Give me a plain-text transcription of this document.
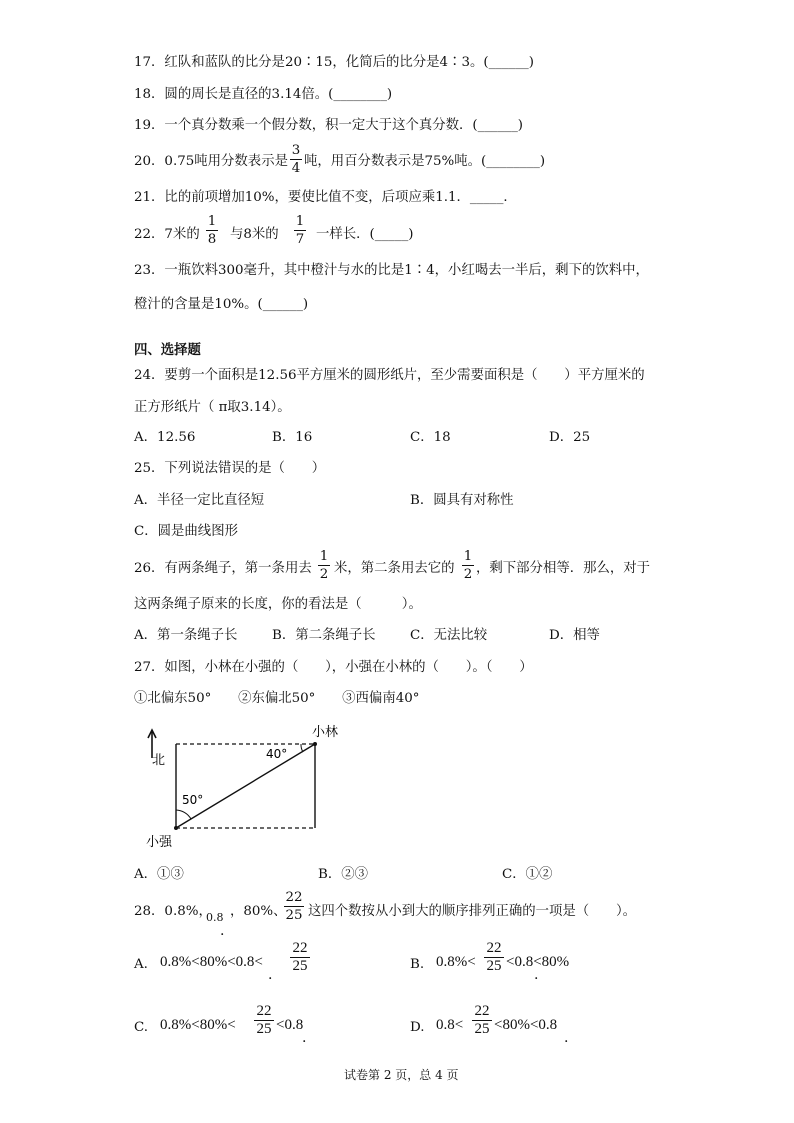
17．红队和蓝队的比分是20∶15，化简后的比分是4∶3。(______)
18．圆的周长是直径的3.14倍。(________)
19．一个真分数乘一个假分数，积一定大于这个真分数．(______)
20．0.75吨用分数表示是
3
4 吨，用百分数表示是75%吨。(________)
21．比的前项增加10%，要使比值不变，后项应乘1.1．_____．
22．7米的
1
8 与8米的
1
7 一样长．(_____)
23．一瓶饮料300毫升，其中橙汁与水的比是1∶4，小红喝去一半后，剩下的饮料中，
橙汁的含量是10%。(______)
四、选择题
24．要剪一个面积是12.56平方厘米的圆形纸片，至少需要面积是（　　）平方厘米的
正方形纸片（ π取3.14）。
A．12.56	B．16	C．18	D．25
25．下列说法错误的是（　　）
A．半径一定比直径短	B．圆具有对称性
C．圆是曲线图形
26．有两条绳子，第一条用去
1
2 米，第二条用去它的
1
2 ，剩下部分相等．那么，对于
这两条绳子原来的长度，你的看法是（　　　）。
A．第一条绳子长	B．第二条绳子长	C．无法比较	D．相等
27．如图，小林在小强的（　　），小强在小林的（　　）。（　　）
①北偏东50°　　②东偏北50°　　③西偏南40°
北	40°
50°
小林
小强
A．①③	B．②③	C．①②
28．0.8%，
0.8
.
，80%、
22
25 这四个数按从小到大的顺序排列正确的一项是（　　）。
A. 0.8%<80%<0.8<
.
22
25	B. 0.8%<
22
25 <0.8<80%
.
C. 0.8%<80%<
22
25 <0.8
.
D. 0.8<
22
25 <80%<0.8
.
试卷第 2 页，总 4 页
